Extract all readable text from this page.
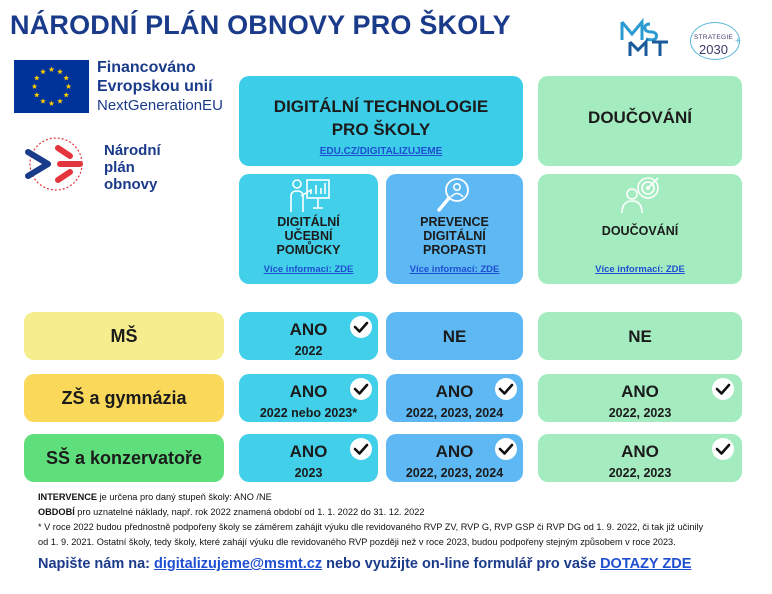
NÁRODNÍ PLÁN OBNOVY PRO ŠKOLY	STRATEGIE
2030
+
Financováno
Evropskou unií
NextGenerationEU
Národní
plán
obnovy
DIGITÁLNÍ TECHNOLOGIE
PRO ŠKOLY
EDU.CZ/DIGITALIZUJEME
DOUČOVÁNÍ
DIGITÁLNÍ
UČEBNÍ
POMŮCKY
Více informací: ZDE
PREVENCE
DIGITÁLNÍ
PROPASTI
Více informací: ZDE
DOUČOVÁNÍ
Více informací: ZDE
MŠ
ZŠ a gymnázia
SŠ a konzervatoře
ANO
2022
NE	NE
ANO
2022 nebo 2023*
ANO
2022, 2023, 2024
ANO
2022, 2023
ANO
2023
ANO
2022, 2023, 2024
ANO
2022, 2023
INTERVENCE je určena pro daný stupeň školy: ANO /NE
OBDOBÍ pro uznatelné náklady, např. rok 2022 znamená období od 1. 1. 2022 do 31. 12. 2022
* V roce 2022 budou přednostně podpořeny školy se záměrem zahájit výuku dle revidovaného RVP ZV, RVP G, RVP GSP či RVP DG od 1. 9. 2022, či tak již učinily
od 1. 9. 2021. Ostatní školy, tedy školy, které zahájí výuku dle revidovaného RVP později než v roce 2023, budou podpořeny stejným způsobem v roce 2023.
Napište nám na: digitalizujeme@msmt.cz nebo využijte on-line formulář pro vaše DOTAZY ZDE
